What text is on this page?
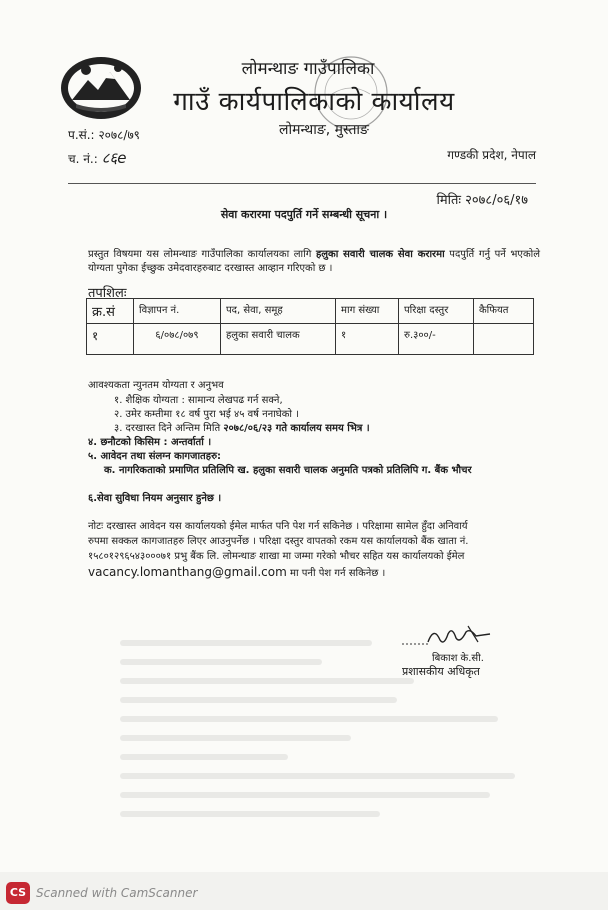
लोमन्थाङ गाउँपालिका
गाउँ कार्यपालिकाको कार्यालय
लोमन्थाङ, मुस्ताङ
प.सं.: २०७८/७९
च. नं.: ८६e	गण्डकी प्रदेश, नेपाल
मितिः २०७८/०६/१७
सेवा करारमा पदपुर्ति गर्ने सम्बन्धी सूचना ।
प्रस्तुत विषयमा यस लोमन्थाङ गाउँपालिका कार्यालयका लागि हलुका सवारी चालक सेवा करारमा पदपुर्ति गर्नु पर्ने भएकोले योग्यता पुगेका ईच्छुक उमेदवारहरुबाट दरखास्त आव्हान गरिएको छ ।
तपशिलः
क्र.सं	विज्ञापन नं.	पद, सेवा, समूह	माग संख्या	परिक्षा दस्तुर	कैफियत
१	६/०७८/०७९	हलुका सवारी चालक	१	रु.३००/-	
आवश्यकता न्युनतम योग्यता र अनुभव
१. शैक्षिक योग्यता : सामान्य लेखपढ गर्न सक्ने,
२. उमेर कम्तीमा १८ वर्ष पुरा भई ४५ वर्ष ननाघेको ।
३. दरखास्त दिने अन्तिम मिति २०७८/०६/२३ गते कार्यालय समय भित्र ।
४. छनौटको किसिम : अन्तर्वार्ता ।
५. आवेदन तथा संलग्न कागजातहरु:
क. नागरिकताको प्रमाणित प्रतिलिपि ख. हलुका सवारी चालक अनुमति पत्रको प्रतिलिपि ग. बैंक भौचर
६.सेवा सुविधा नियम अनुसार हुनेछ ।
नोटः दरखास्त आवेदन यस कार्यालयको ईमेल मार्फत पनि पेश गर्न सकिनेछ । परिक्षामा सामेल हुँदा अनिवार्य
रुपमा सक्कल कागजातहरु लिएर आउनुपर्नेछ । परिक्षा दस्तुर वापतको रकम यस कार्यालयको बैंक खाता नं.
१५८०१२९६५४३०००७१ प्रभु बैंक लि. लोमन्थाङ शाखा मा जम्मा गरेको भौचर सहित यस कार्यालयको ईमेल
vacancy.lomanthang@gmail.com मा पनी पेश गर्न सकिनेछ ।
बिकाश के.सी.
प्रशासकीय अधिकृत
CS Scanned with CamScanner
